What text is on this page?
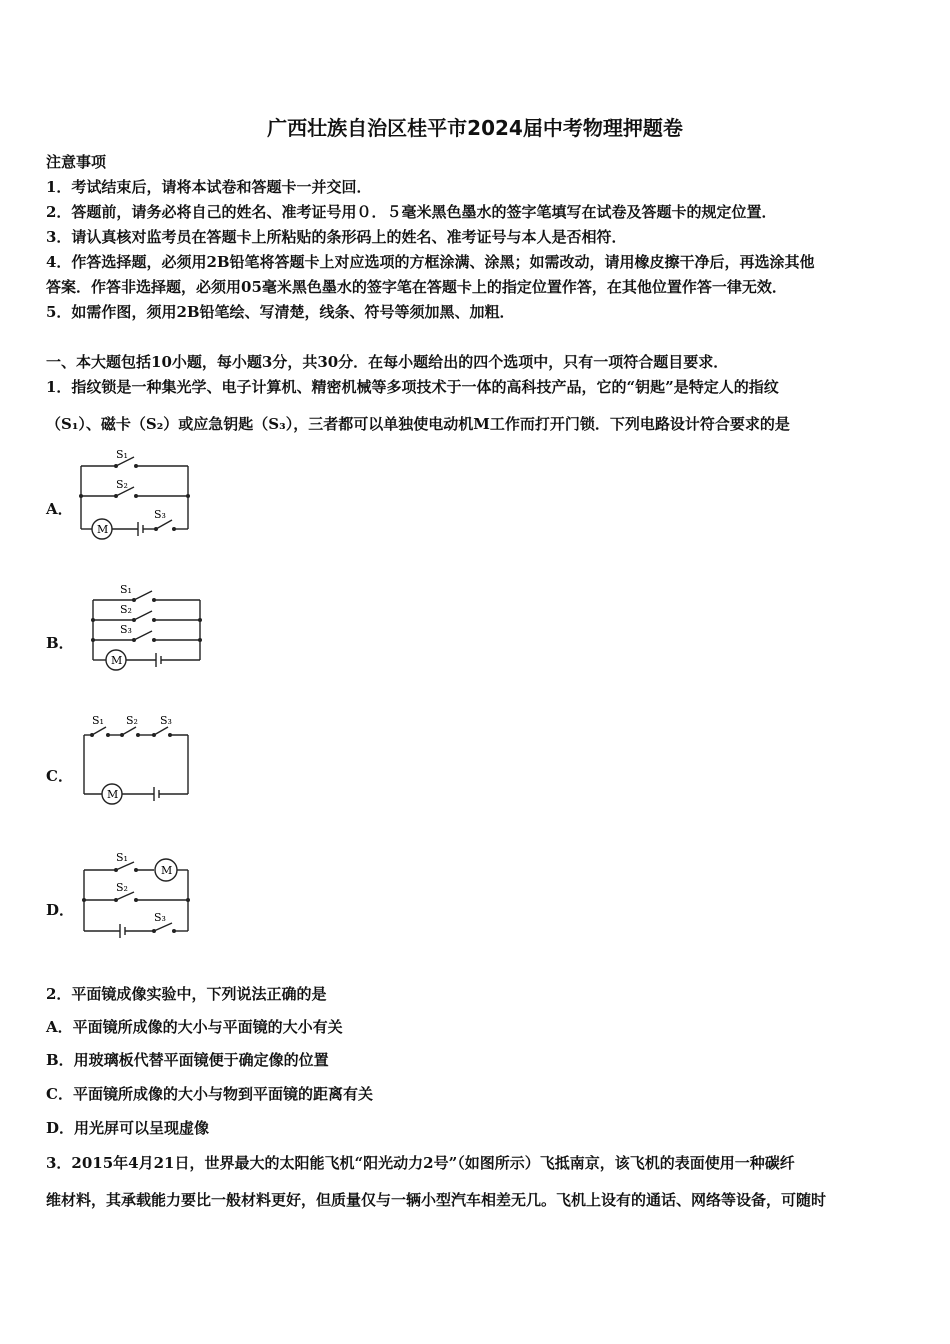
广西壮族自治区桂平市2024届中考物理押题卷
注意事项
1．考试结束后，请将本试卷和答题卡一并交回．
2．答题前，请务必将自己的姓名、准考证号用０．５毫米黑色墨水的签字笔填写在试卷及答题卡的规定位置．
3．请认真核对监考员在答题卡上所粘贴的条形码上的姓名、准考证号与本人是否相符．
4．作答选择题，必须用2B铅笔将答题卡上对应选项的方框涂满、涂黑；如需改动，请用橡皮擦干净后，再选涂其他
答案．作答非选择题，必须用05毫米黑色墨水的签字笔在答题卡上的指定位置作答，在其他位置作答一律无效．
5．如需作图，须用2B铅笔绘、写清楚，线条、符号等须加黑、加粗．
一、本大题包括10小题，每小题3分，共30分．在每小题给出的四个选项中，只有一项符合题目要求．
1．指纹锁是一种集光学、电子计算机、精密机械等多项技术于一体的高科技产品，它的“钥匙”是特定人的指纹
（S₁）、磁卡（S₂）或应急钥匙（S₃），三者都可以单独使电动机M工作而打开门锁．下列电路设计符合要求的是
A．
S₁
S₂
S₃
M
B．
S₁
S₂
S₃
M
C．
S₁ S₂ S₃
M
D．
S₁
S₂
S₃
M
2．平面镜成像实验中，下列说法正确的是
A．平面镜所成像的大小与平面镜的大小有关
B．用玻璃板代替平面镜便于确定像的位置
C．平面镜所成像的大小与物到平面镜的距离有关
D．用光屏可以呈现虚像
3．2015年4月21日，世界最大的太阳能飞机“阳光动力2号”（如图所示）飞抵南京，该飞机的表面使用一种碳纤
维材料，其承载能力要比一般材料更好，但质量仅与一辆小型汽车相差无几。飞机上设有的通话、网络等设备，可随时
